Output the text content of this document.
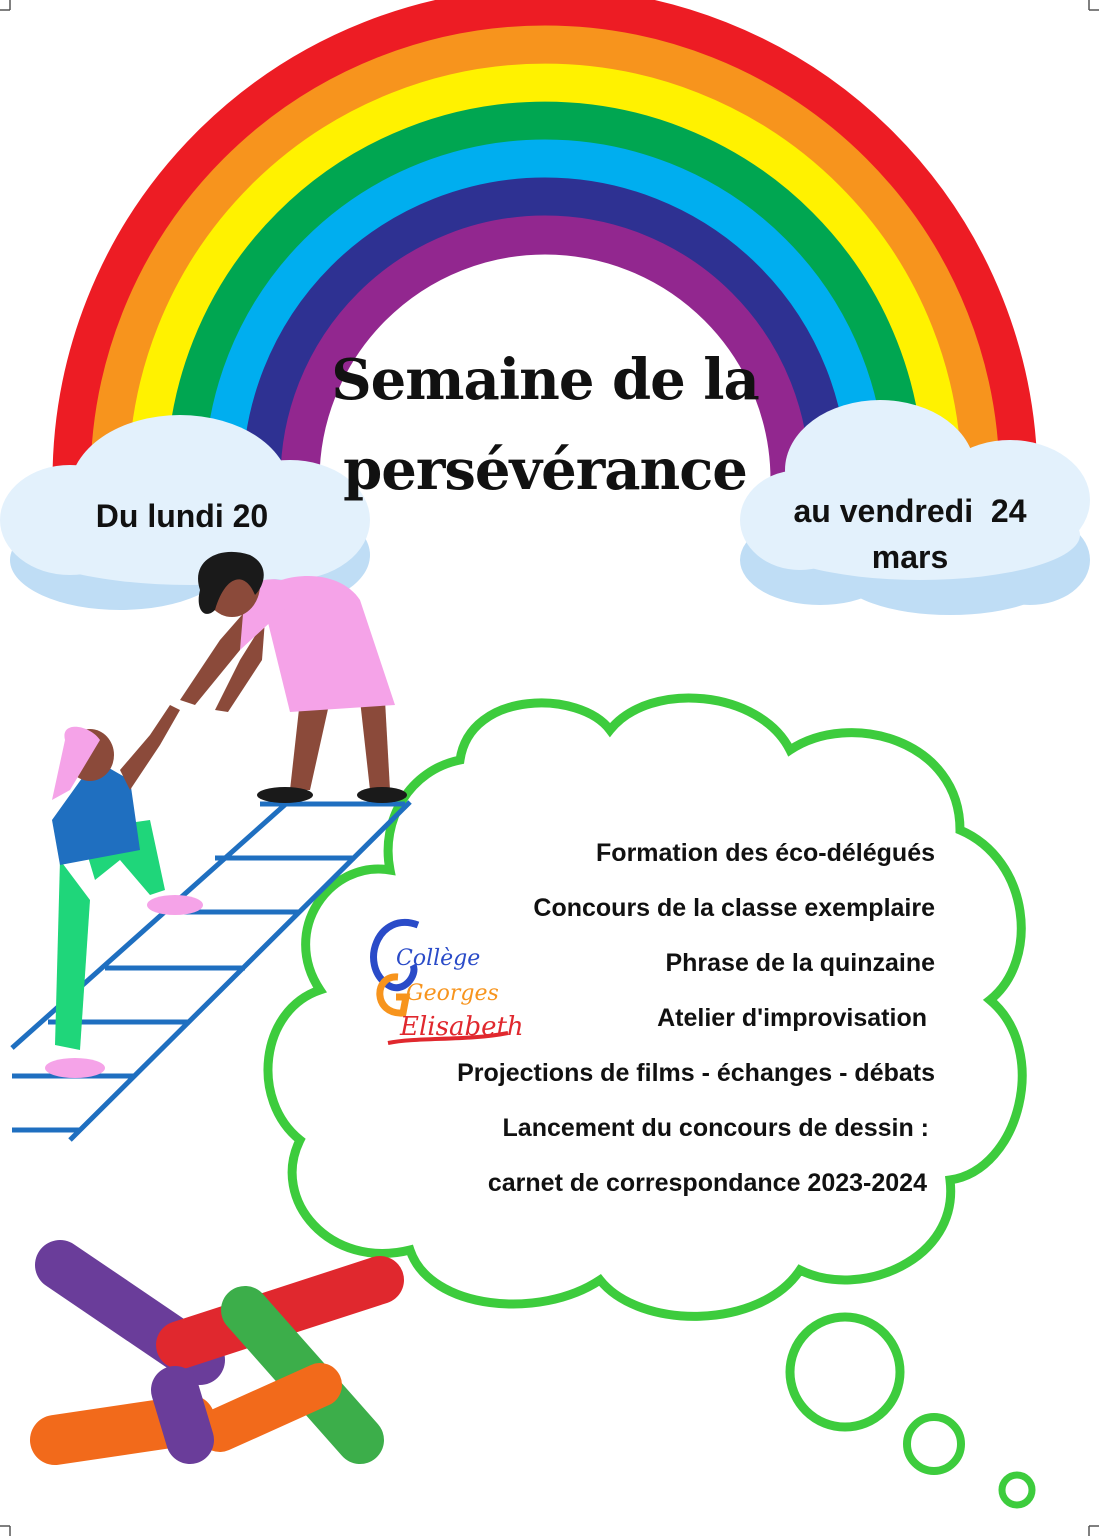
Semaine de la
persévérance
Du lundi 20	au vendredi  24
mars
Collège
Georges
Elisabeth
Formation des éco-délégués
Concours de la classe exemplaire
Phrase de la quinzaine
Atelier d'improvisation
Projections de films - échanges - débats
Lancement du concours de dessin :
carnet de correspondance 2023-2024
